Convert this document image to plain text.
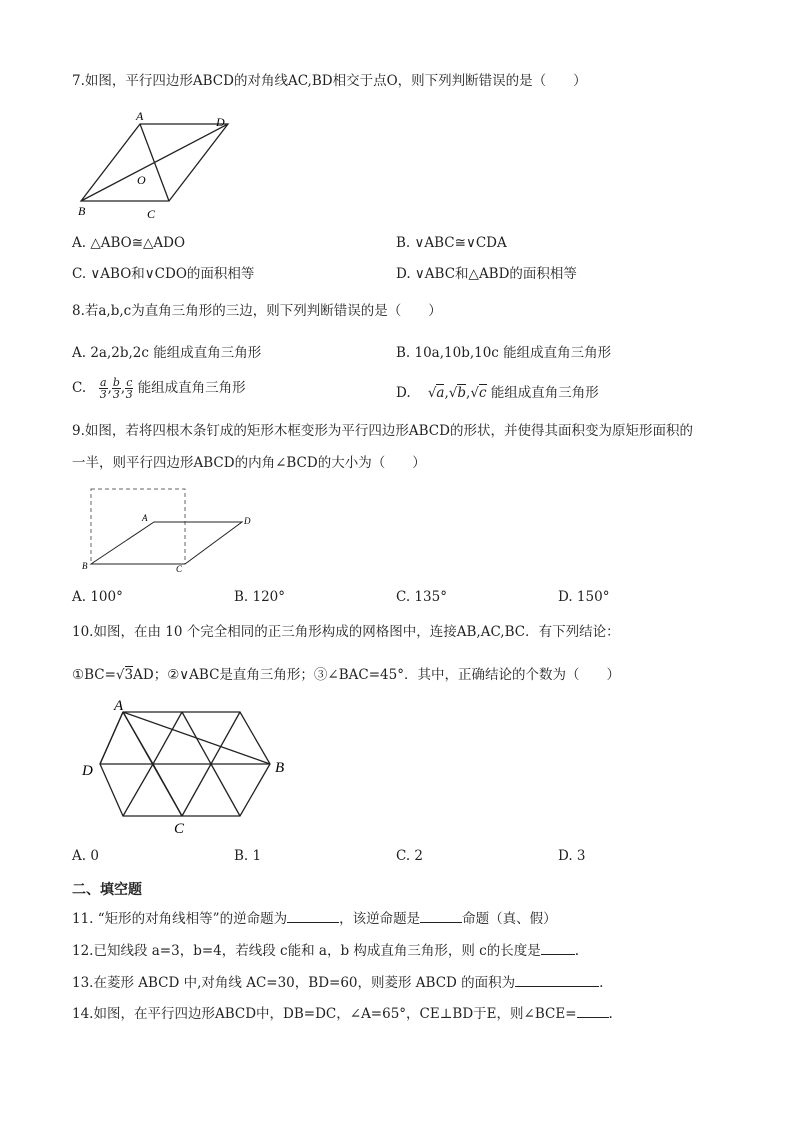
7.如图，平行四边形ABCD的对角线AC,BD相交于点O，则下列判断错误的是（　　）
A	D
O
B	C
A. △ABO≅△ADO	B. ∨ABC≅∨CDA
C. ∨ABO和∨CDO的面积相等	D. ∨ABC和△ABD的面积相等
8.若a,b,c为直角三角形的三边，则下列判断错误的是（　　）
A. 2a,2b,2c 能组成直角三角形	B. 10a,10b,10c 能组成直角三角形
C. $\frac{a}{3}$ , $\frac{b}{3}$ , $\frac{c}{3}$ 能组成直角三角形	D. √a,√b,√c 能组成直角三角形
9.如图，若将四根木条钉成的矩形木框变形为平行四边形ABCD的形状，并使得其面积变为原矩形面积的
一半，则平行四边形ABCD的内角∠BCD的大小为（　　）
A	D
B	C
A. 100°	B. 120°	C. 135°	D. 150°
10.如图，在由 10 个完全相同的正三角形构成的网格图中，连接AB,AC,BC．有下列结论：
①BC=√3AD；②∨ABC是直角三角形；③∠BAC=45°．其中，正确结论的个数为（　　）
A
D	B
C
A. 0	B. 1	C. 2	D. 3
二、填空题
11. “矩形的对角线相等”的逆命题为	，该逆命题是	命题（真、假）
12.已知线段 a=3，b=4，若线段 c能和 a，b 构成直角三角形，则 c的长度是	.
13.在菱形 ABCD 中,对角线 AC=30，BD=60，则菱形 ABCD 的面积为	.
14.如图，在平行四边形ABCD中，DB=DC，∠A=65°，CE⊥BD于E，则∠BCE= .
